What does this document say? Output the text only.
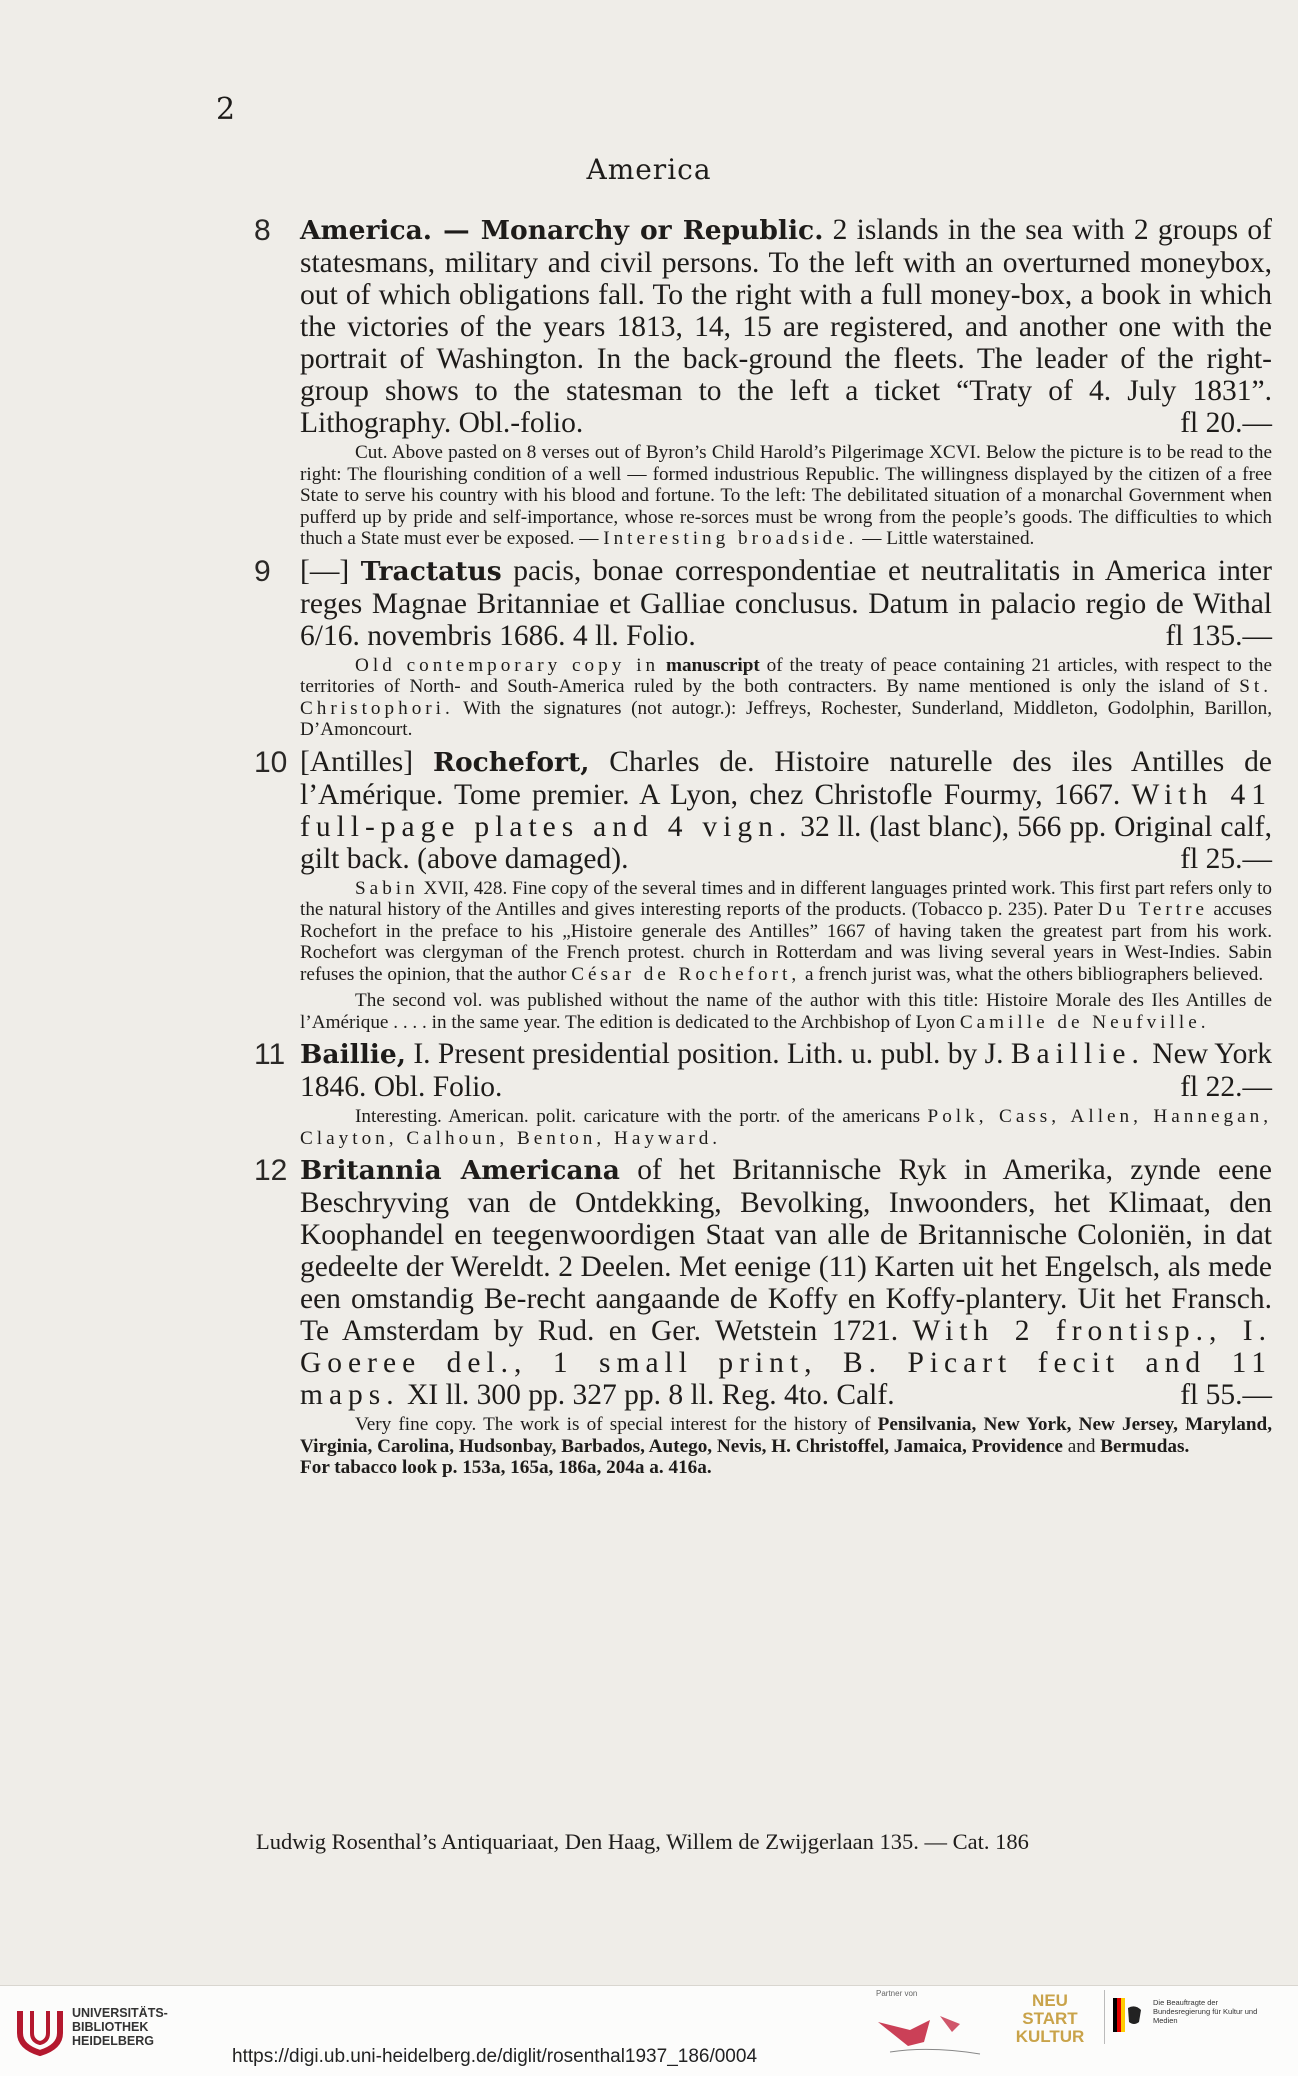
2
America
8 America. — Monarchy or Republic. 2 islands in the sea with 2 groups of statesmans, military and civil persons. To the left with an overturned moneybox, out of which obligations fall. To the right with a full money-box, a book in which the victories of the years 1813, 14, 15 are registered, and another one with the portrait of Washington. In the back-ground the fleets. The leader of the right-group shows to the statesman to the left a ticket “Traty of 4. July 1831”. Lithography. Obl.-folio.	fl 20.—

Cut. Above pasted on 8 verses out of Byron’s Child Harold’s Pilgerimage XCVI. Below the picture is to be read to the right: The flourishing condition of a well — formed industrious Republic. The willingness displayed by the citizen of a free State to serve his country with his blood and fortune. To the left: The debilitated situation of a monarchal Government when pufferd up by pride and self-importance, whose re-sorces must be wrong from the people’s goods. The difficulties to which thuch a State must ever be exposed. — Interesting broadside. — Little waterstained.

9 [—] Tractatus pacis, bonae correspondentiae et neutralitatis in America inter reges Magnae Britanniae et Galliae conclusus. Datum in palacio regio de Withal 6/16. novembris 1686. 4 ll. Folio.	fl 135.—

Old contemporary copy in manuscript of the treaty of peace containing 21 articles, with respect to the territories of North- and South-America ruled by the both contracters. By name mentioned is only the island of St. Christophori. With the signatures (not autogr.): Jeffreys, Rochester, Sunderland, Middleton, Godolphin, Barillon, D’Amoncourt.

10 [Antilles] Rochefort, Charles de. Histoire naturelle des iles Antilles de l’Amérique. Tome premier. A Lyon, chez Christofle Fourmy, 1667. With 41 full-page plates and 4 vign. 32 ll. (last blanc), 566 pp. Original calf, gilt back. (above damaged).	fl 25.—

Sabin XVII, 428. Fine copy of the several times and in different languages printed work. This first part refers only to the natural history of the Antilles and gives interesting reports of the products. (Tobacco p. 235). Pater Du Tertre accuses Rochefort in the preface to his „Histoire generale des Antilles” 1667 of having taken the greatest part from his work. Rochefort was clergyman of the French protest. church in Rotterdam and was living several years in West-Indies. Sabin refuses the opinion, that the author César de Rochefort, a french jurist was, what the others bibliographers believed.

The second vol. was published without the name of the author with this title: Histoire Morale des Iles Antilles de l’Amérique . . . . in the same year. The edition is dedicated to the Archbishop of Lyon Camille de Neufville.

11 Baillie, I. Present presidential position. Lith. u. publ. by J. Baillie. New York 1846. Obl. Folio.	fl 22.—

Interesting. American. polit. caricature with the portr. of the americans Polk, Cass, Allen, Hannegan, Clayton, Calhoun, Benton, Hayward.

12 Britannia Americana of het Britannische Ryk in Amerika, zynde eene Beschryving van de Ontdekking, Bevolking, Inwoonders, het Klimaat, den Koophandel en teegenwoordigen Staat van alle de Britannische Coloniën, in dat gedeelte der Wereldt. 2 Deelen. Met eenige (11) Karten uit het Engelsch, als mede een omstandig Be-recht aangaande de Koffy en Koffy-plantery. Uit het Fransch. Te Amsterdam by Rud. en Ger. Wetstein 1721. With 2 frontisp., I. Goeree del., 1 small print, B. Picart fecit and 11 maps. XI ll. 300 pp. 327 pp. 8 ll. Reg. 4to. Calf.	fl 55.—

Very fine copy. The work is of special interest for the history of Pensilvania, New York, New Jersey, Maryland, Virginia, Carolina, Hudsonbay, Barbados, Autego, Nevis, H. Christoffel, Jamaica, Providence and Bermudas.
For tabacco look p. 153a, 165a, 186a, 204a a. 416a.

Ludwig Rosenthal’s Antiquariaat, Den Haag, Willem de Zwijgerlaan 135. — Cat. 186
UNIVERSITÄTS-
BIBLIOTHEK
HEIDELBERG
https://digi.ub.uni-heidelberg.de/diglit/rosenthal1937_186/0004
Partner von	NEU
START
KULTUR
Die Beauftragte der Bundesregierung für Kultur und Medien
